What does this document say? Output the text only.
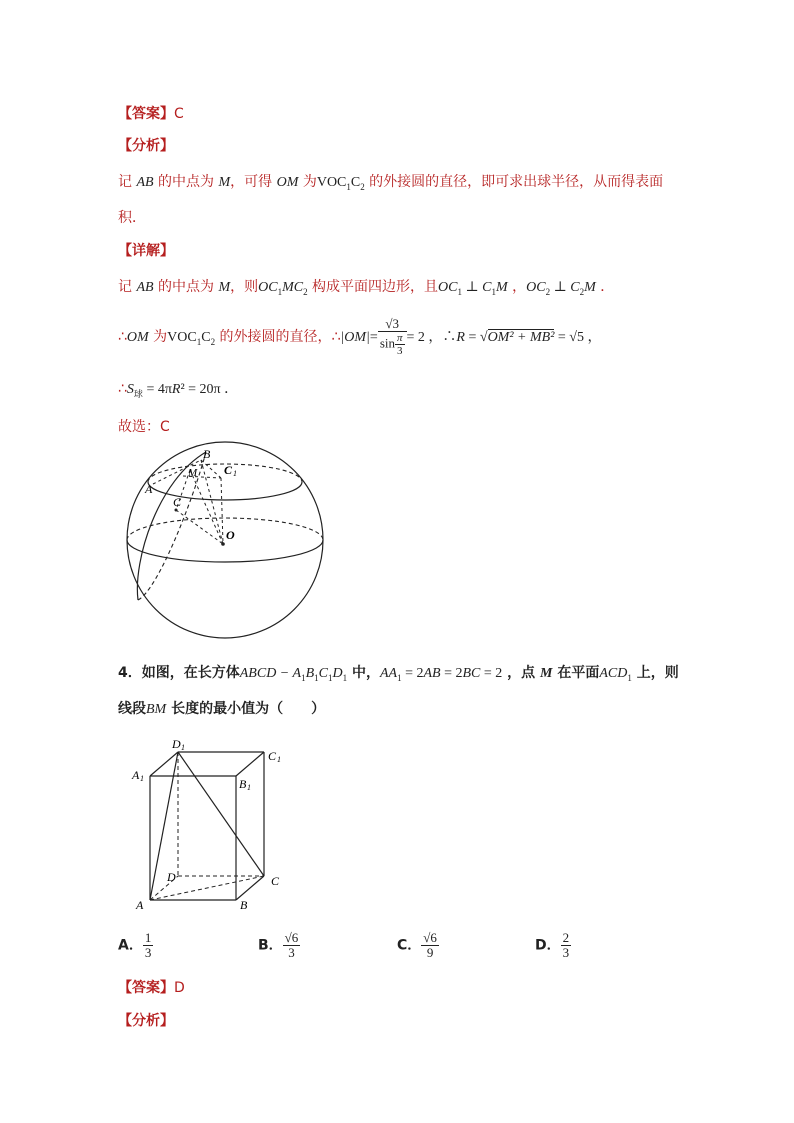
【答案】C
【分析】
记 AB 的中点为 M，可得 OM 为$VOC_1C_2$ 的外接圆的直径，即可求出球半径，从而得表面
积．
【详解】
记 AB 的中点为 M，则$OC_1MC_2$ 构成平面四边形，且$OC_1$ ⊥ $C_1M$ ，$OC_2$ ⊥ $C_2M$ ．
∴OM 为$VOC_1C_2$ 的外接圆的直径，∴|OM|= $\frac{√3}{\sin \frac{\pi}{3}} = 2$ ，∴R = √OM² + MB² = √5 ，
$\therefore S_球 = 4\pi R^2 = 20\pi$ ．
故选：C
A
B
M C 1
C
O
4．如图，在长方体ABCD − $A_1B_1C_1D_1$ 中，$AA_1 = 2AB = 2BC = 2$ ，点 M 在平面$ACD_1$ 上，则
线段BM 长度的最小值为（　　）
D 1
C 1
A 1	B 1
D	C
A	B
A． $\frac{1}{3}$	B． $\frac{√6}{3}$	C． $\frac{√6}{9}$	D． $\frac{2}{3}$
【答案】D
【分析】
